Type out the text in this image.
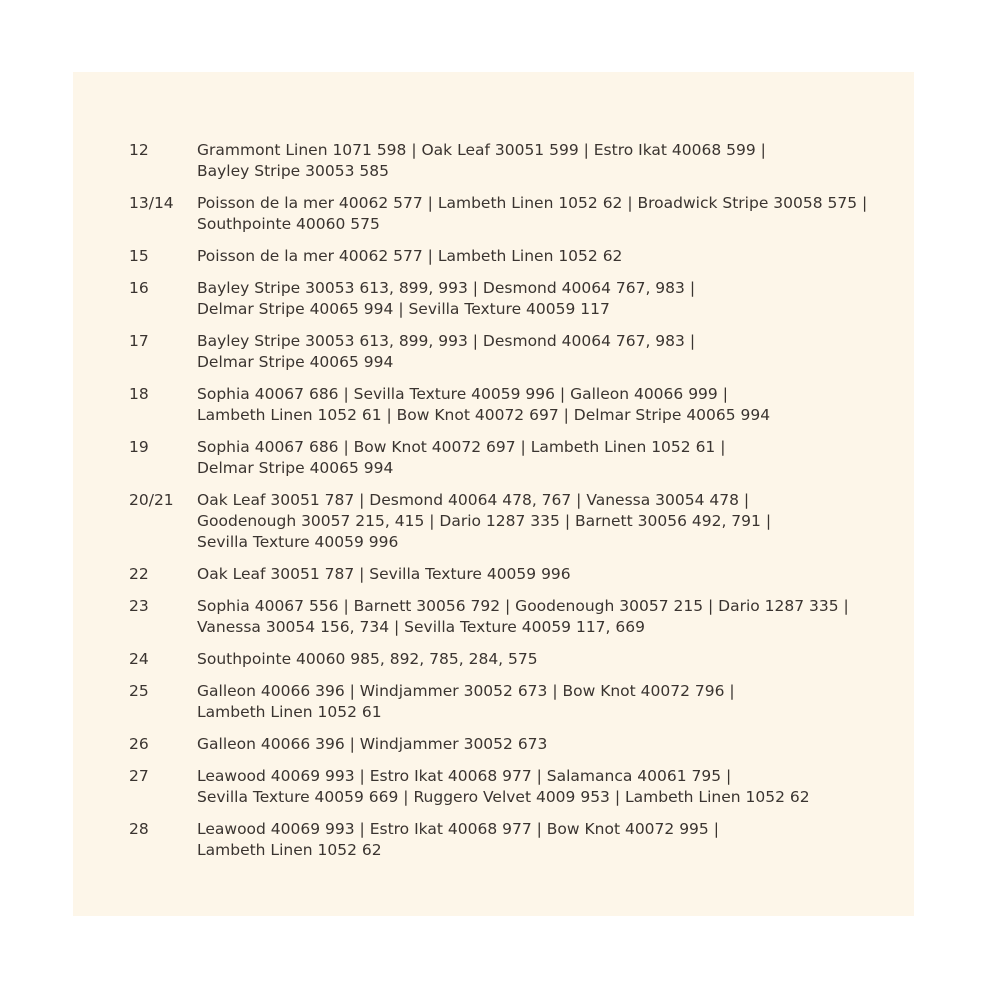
12	Grammont Linen 1071 598 | Oak Leaf 30051 599 | Estro Ikat 40068 599 |
Bayley Stripe 30053 585
13/14	Poisson de la mer 40062 577 | Lambeth Linen 1052 62 | Broadwick Stripe 30058 575 |
Southpointe 40060 575
15	Poisson de la mer 40062 577 | Lambeth Linen 1052 62
16	Bayley Stripe 30053 613, 899, 993 | Desmond 40064 767, 983 |
Delmar Stripe 40065 994 | Sevilla Texture 40059 117
17	Bayley Stripe 30053 613, 899, 993 | Desmond 40064 767, 983 |
Delmar Stripe 40065 994
18	Sophia 40067 686 | Sevilla Texture 40059 996 | Galleon 40066 999 |
Lambeth Linen 1052 61 | Bow Knot 40072 697 | Delmar Stripe 40065 994
19	Sophia 40067 686 | Bow Knot 40072 697 | Lambeth Linen 1052 61 |
Delmar Stripe 40065 994
20/21	Oak Leaf 30051 787 | Desmond 40064 478, 767 | Vanessa 30054 478 |
Goodenough 30057 215, 415 | Dario 1287 335 | Barnett 30056 492, 791 |
Sevilla Texture 40059 996
22	Oak Leaf 30051 787 | Sevilla Texture 40059 996
23	Sophia 40067 556 | Barnett 30056 792 | Goodenough 30057 215 | Dario 1287 335 |
Vanessa 30054 156, 734 | Sevilla Texture 40059 117, 669
24	Southpointe 40060 985, 892, 785, 284, 575
25	Galleon 40066 396 | Windjammer 30052 673 | Bow Knot 40072 796 |
Lambeth Linen 1052 61
26	Galleon 40066 396 | Windjammer 30052 673
27	Leawood 40069 993 | Estro Ikat 40068 977 | Salamanca 40061 795 |
Sevilla Texture 40059 669 | Ruggero Velvet 4009 953 | Lambeth Linen 1052 62
28	Leawood 40069 993 | Estro Ikat 40068 977 | Bow Knot 40072 995 |
Lambeth Linen 1052 62
